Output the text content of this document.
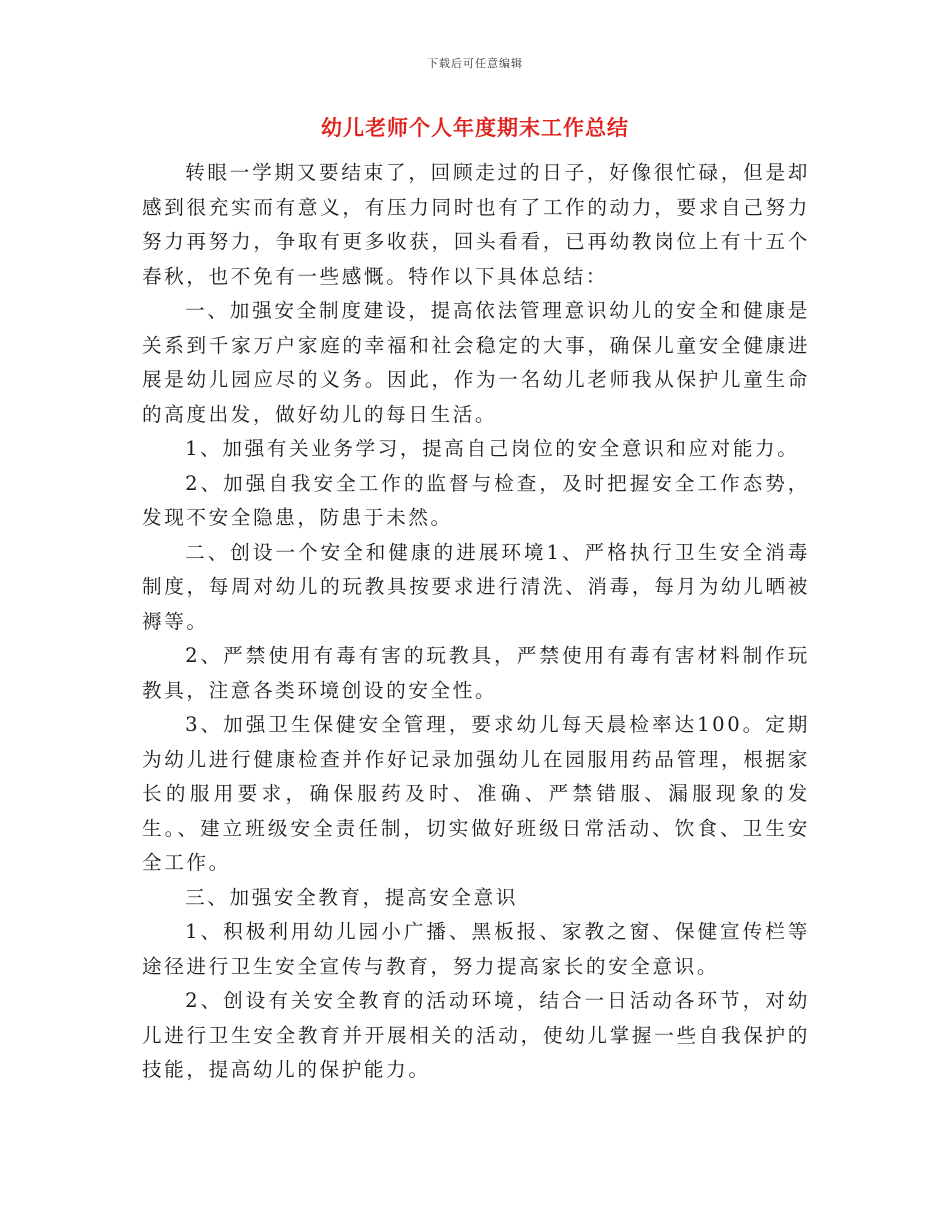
下载后可任意编辑
幼儿老师个人年度期末工作总结

转眼一学期又要结束了，回顾走过的日子，好像很忙碌，但是却感到很充实而有意义，有压力同时也有了工作的动力，要求自己努力努力再努力，争取有更多收获，回头看看，已再幼教岗位上有十五个春秋，也不免有一些感慨。特作以下具体总结：

一、加强安全制度建设，提高依法管理意识幼儿的安全和健康是关系到千家万户家庭的幸福和社会稳定的大事，确保儿童安全健康进展是幼儿园应尽的义务。因此，作为一名幼儿老师我从保护儿童生命的高度出发，做好幼儿的每日生活。

1、加强有关业务学习，提高自己岗位的安全意识和应对能力。

2、加强自我安全工作的监督与检查，及时把握安全工作态势，发现不安全隐患，防患于未然。

二、创设一个安全和健康的进展环境1、严格执行卫生安全消毒制度，每周对幼儿的玩教具按要求进行清洗、消毒，每月为幼儿晒被褥等。

2、严禁使用有毒有害的玩教具，严禁使用有毒有害材料制作玩教具，注意各类环境创设的安全性。

3、加强卫生保健安全管理，要求幼儿每天晨检率达100。定期为幼儿进行健康检查并作好记录加强幼儿在园服用药品管理，根据家长的服用要求，确保服药及时、准确、严禁错服、漏服现象的发生。、建立班级安全责任制，切实做好班级日常活动、饮食、卫生安全工作。

三、加强安全教育，提高安全意识

1、积极利用幼儿园小广播、黑板报、家教之窗、保健宣传栏等途径进行卫生安全宣传与教育，努力提高家长的安全意识。

2、创设有关安全教育的活动环境，结合一日活动各环节，对幼儿进行卫生安全教育并开展相关的活动，使幼儿掌握一些自我保护的技能，提高幼儿的保护能力。
